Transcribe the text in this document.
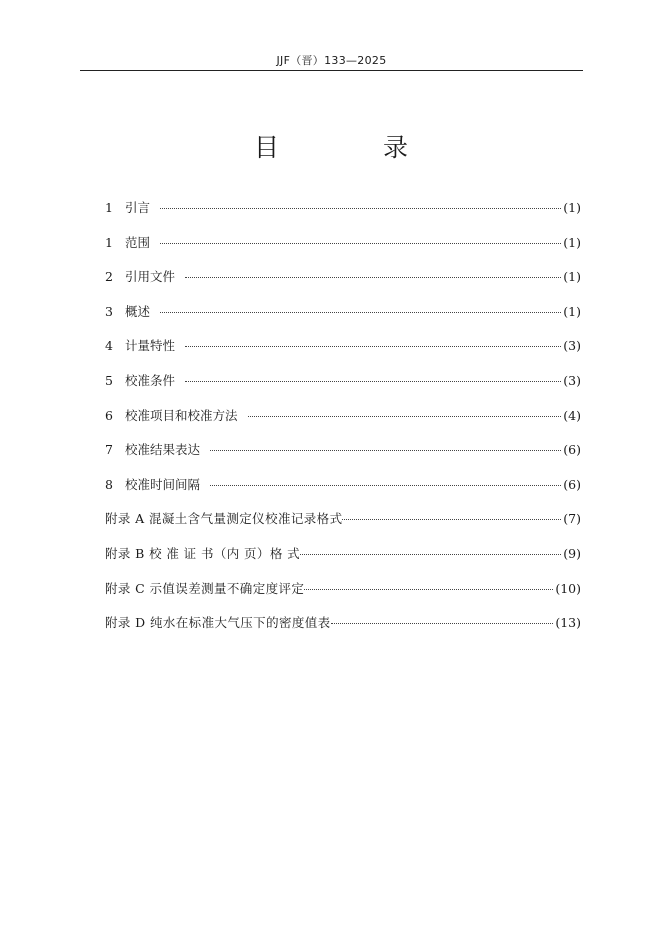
JJF（晋）133—2025
目 录
1 引言	(1)
1 范围	(1)
2 引用文件	(1)
3 概述	(1)
4 计量特性	(3)
5 校准条件	(3)
6 校准项目和校准方法	(4)
7 校准结果表达	(6)
8 校准时间间隔	(6)
附录 A 混凝土含气量测定仪校准记录格式	(7)
附录 B 校 准 证 书（内 页）格 式	(9)
附录 C 示值误差测量不确定度评定	(10)
附录 D 纯水在标准大气压下的密度值表	(13)
